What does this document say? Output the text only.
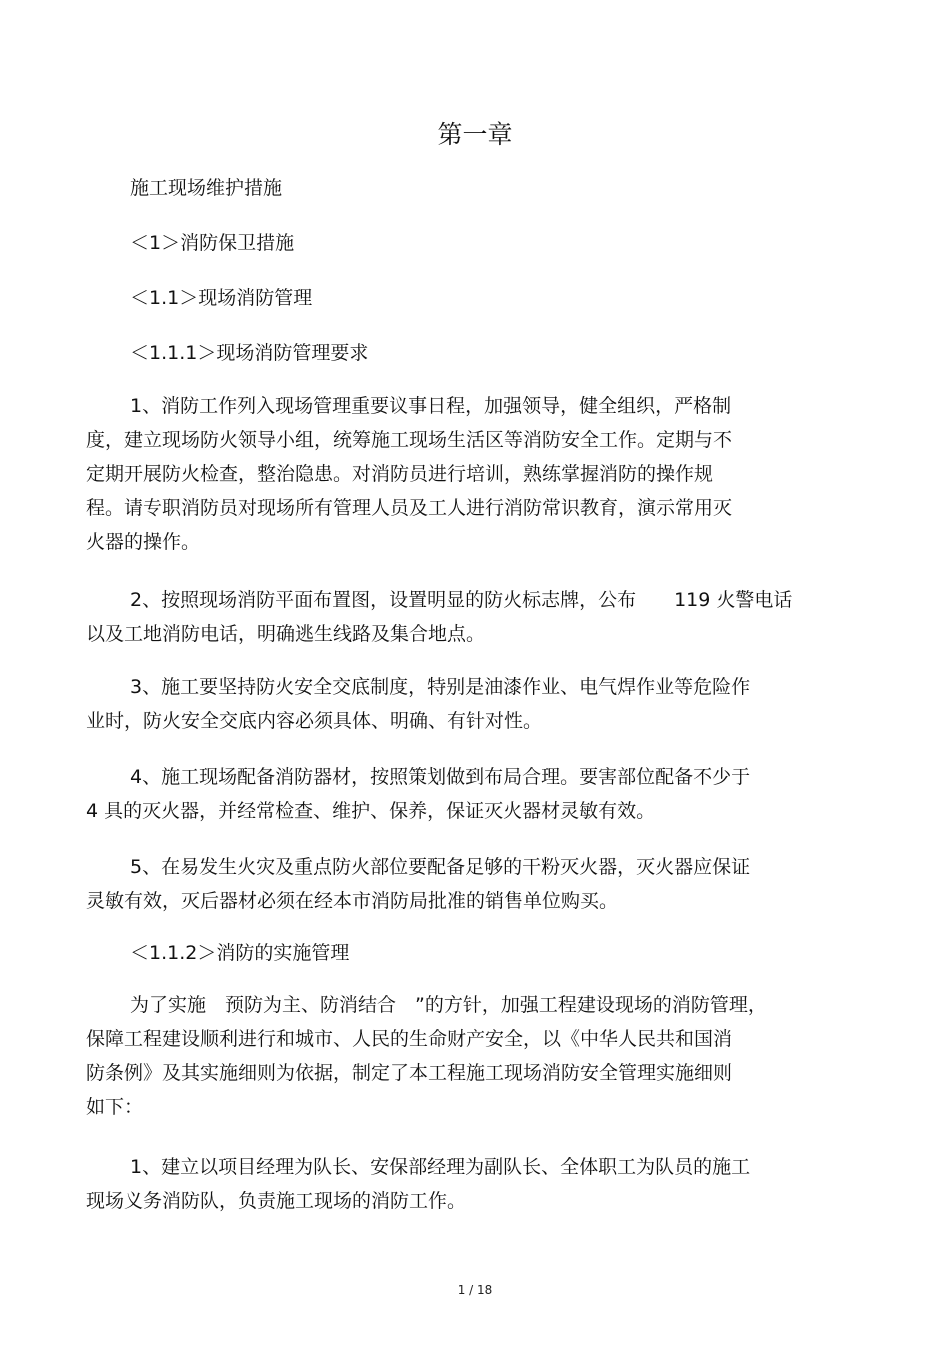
第一章
施工现场维护措施
＜1＞消防保卫措施
＜1.1＞现场消防管理
＜1.1.1＞现场消防管理要求
1、消防工作列入现场管理重要议事日程，加强领导，健全组织，严格制
度，建立现场防火领导小组，统筹施工现场生活区等消防安全工作。定期与不
定期开展防火检查，整治隐患。对消防员进行培训，熟练掌握消防的操作规
程。请专职消防员对现场所有管理人员及工人进行消防常识教育，演示常用灭
火器的操作。
2、按照现场消防平面布置图，设置明显的防火标志牌，公布　　119 火警电话
以及工地消防电话，明确逃生线路及集合地点。
3、施工要坚持防火安全交底制度，特别是油漆作业、电气焊作业等危险作
业时，防火安全交底内容必须具体、明确、有针对性。
4、施工现场配备消防器材，按照策划做到布局合理。要害部位配备不少于
4 具的灭火器，并经常检查、维护、保养，保证灭火器材灵敏有效。
5、在易发生火灾及重点防火部位要配备足够的干粉灭火器，灭火器应保证
灵敏有效，灭后器材必须在经本市消防局批准的销售单位购买。
＜1.1.2＞消防的实施管理
为了实施　预防为主、防消结合　”的方针，加强工程建设现场的消防管理，
保障工程建设顺利进行和城市、人民的生命财产安全，以《中华人民共和国消
防条例》及其实施细则为依据，制定了本工程施工现场消防安全管理实施细则
如下：
1、建立以项目经理为队长、安保部经理为副队长、全体职工为队员的施工
现场义务消防队，负责施工现场的消防工作。
1 / 18
